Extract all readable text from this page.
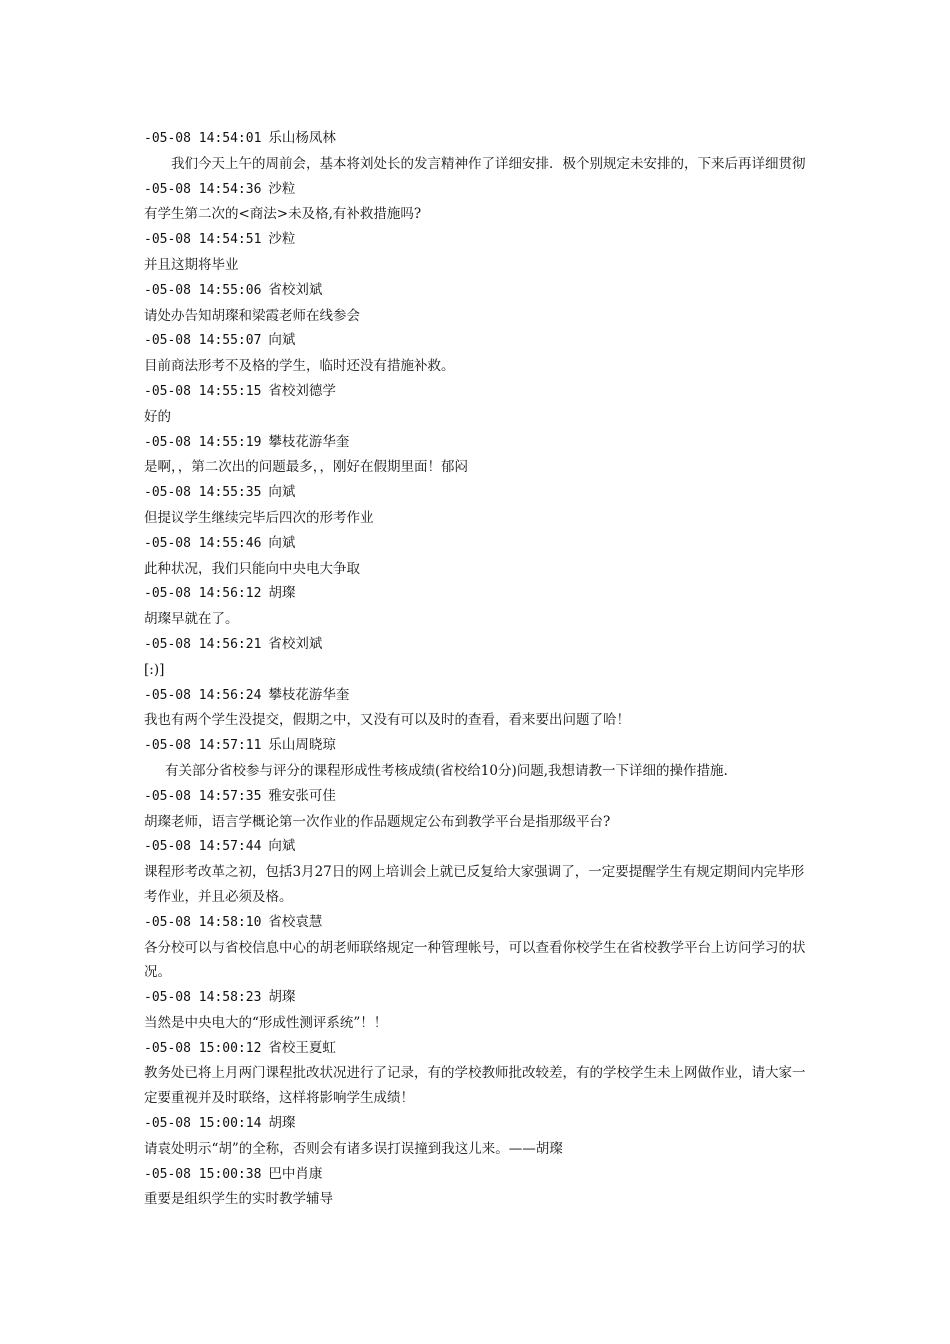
-05-08 14:54:01 乐山杨凤林
我们今天上午的周前会，基本将刘处长的发言精神作了详细安排．极个别规定未安排的，下来后再详细贯彻
-05-08 14:54:36 沙粒
有学生第二次的<商法>未及格,有补救措施吗?
-05-08 14:54:51 沙粒
并且这期将毕业
-05-08 14:55:06 省校刘斌
请处办告知胡璨和梁霞老师在线参会
-05-08 14:55:07 向斌
目前商法形考不及格的学生，临时还没有措施补救。
-05-08 14:55:15 省校刘德学
好的
-05-08 14:55:19 攀枝花游华奎
是啊，，第二次出的问题最多，，刚好在假期里面！郁闷
-05-08 14:55:35 向斌
但提议学生继续完毕后四次的形考作业
-05-08 14:55:46 向斌
此种状况，我们只能向中央电大争取
-05-08 14:56:12 胡璨
胡璨早就在了。
-05-08 14:56:21 省校刘斌
[:)]
-05-08 14:56:24 攀枝花游华奎
我也有两个学生没提交，假期之中，又没有可以及时的查看，看来要出问题了哈！
-05-08 14:57:11 乐山周晓琼
有关部分省校参与评分的课程形成性考核成绩(省校给10分)问题,我想请教一下详细的操作措施.
-05-08 14:57:35 雅安张可佳
胡璨老师，语言学概论第一次作业的作品题规定公布到教学平台是指那级平台?
-05-08 14:57:44 向斌
课程形考改革之初，包括3月27日的网上培训会上就已反复给大家强调了，一定要提醒学生有规定期间内完毕形考作业，并且必须及格。
-05-08 14:58:10 省校袁慧
各分校可以与省校信息中心的胡老师联络规定一种管理帐号，可以查看你校学生在省校教学平台上访问学习的状况。
-05-08 14:58:23 胡璨
当然是中央电大的“形成性测评系统”！！
-05-08 15:00:12 省校王夏虹
教务处已将上月两门课程批改状况进行了记录，有的学校教师批改较差，有的学校学生未上网做作业，请大家一定要重视并及时联络，这样将影响学生成绩！
-05-08 15:00:14 胡璨
请袁处明示“胡”的全称，否则会有诸多误打误撞到我这儿来。——胡璨
-05-08 15:00:38 巴中肖康
重要是组织学生的实时教学辅导
